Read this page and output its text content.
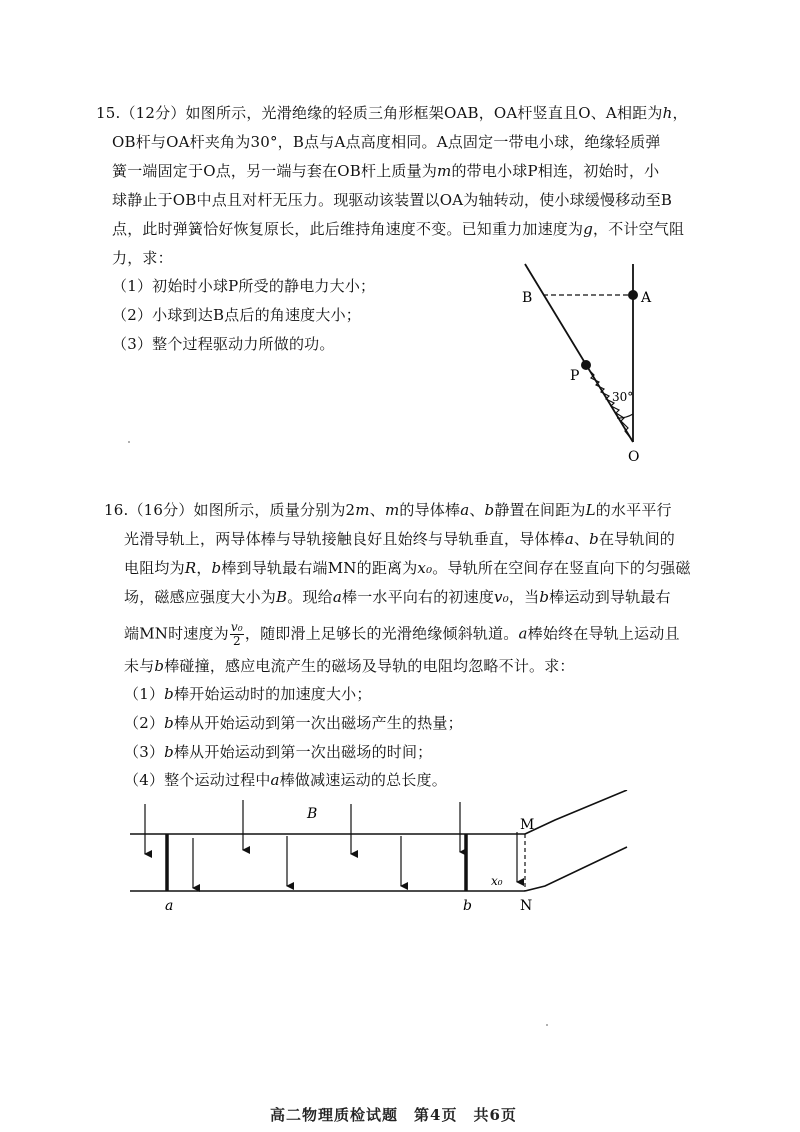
15.（12分）如图所示，光滑绝缘的轻质三角形框架OAB，OA杆竖直且O、A相距为h，
OB杆与OA杆夹角为30°，B点与A点高度相同。A点固定一带电小球，绝缘轻质弹
簧一端固定于O点，另一端与套在OB杆上质量为m的带电小球P相连，初始时，小
球静止于OB中点且对杆无压力。现驱动该装置以OA为轴转动，使小球缓慢移动至B
点，此时弹簧恰好恢复原长，此后维持角速度不变。已知重力加速度为g，不计空气阻
力，求：
（1）初始时小球P所受的静电力大小；
（2）小球到达B点后的角速度大小；
（3）整个过程驱动力所做的功。
30°
B	A
P
O
16.（16分）如图所示，质量分别为2m、m的导体棒a、b静置在间距为L的水平平行
光滑导轨上，两导体棒与导轨接触良好且始终与导轨垂直，导体棒a、b在导轨间的
电阻均为R，b棒到导轨最右端MN的距离为x₀。导轨所在空间存在竖直向下的匀强磁
场，磁感应强度大小为B。现给a棒一水平向右的初速度v₀，当b棒运动到导轨最右
端MN时速度为 $\frac{\text{v₀}}{2}$ ，随即滑上足够长的光滑绝缘倾斜轨道。a棒始终在导轨上运动且
未与b棒碰撞，感应电流产生的磁场及导轨的电阻均忽略不计。求：
（1）b棒开始运动时的加速度大小；
（2）b棒从开始运动到第一次出磁场产生的热量；
（3）b棒从开始运动到第一次出磁场的时间；
（4）整个运动过程中a棒做减速运动的总长度。
B
M
N
a	b
x₀
高二物理质检试题　第4页　共6页
